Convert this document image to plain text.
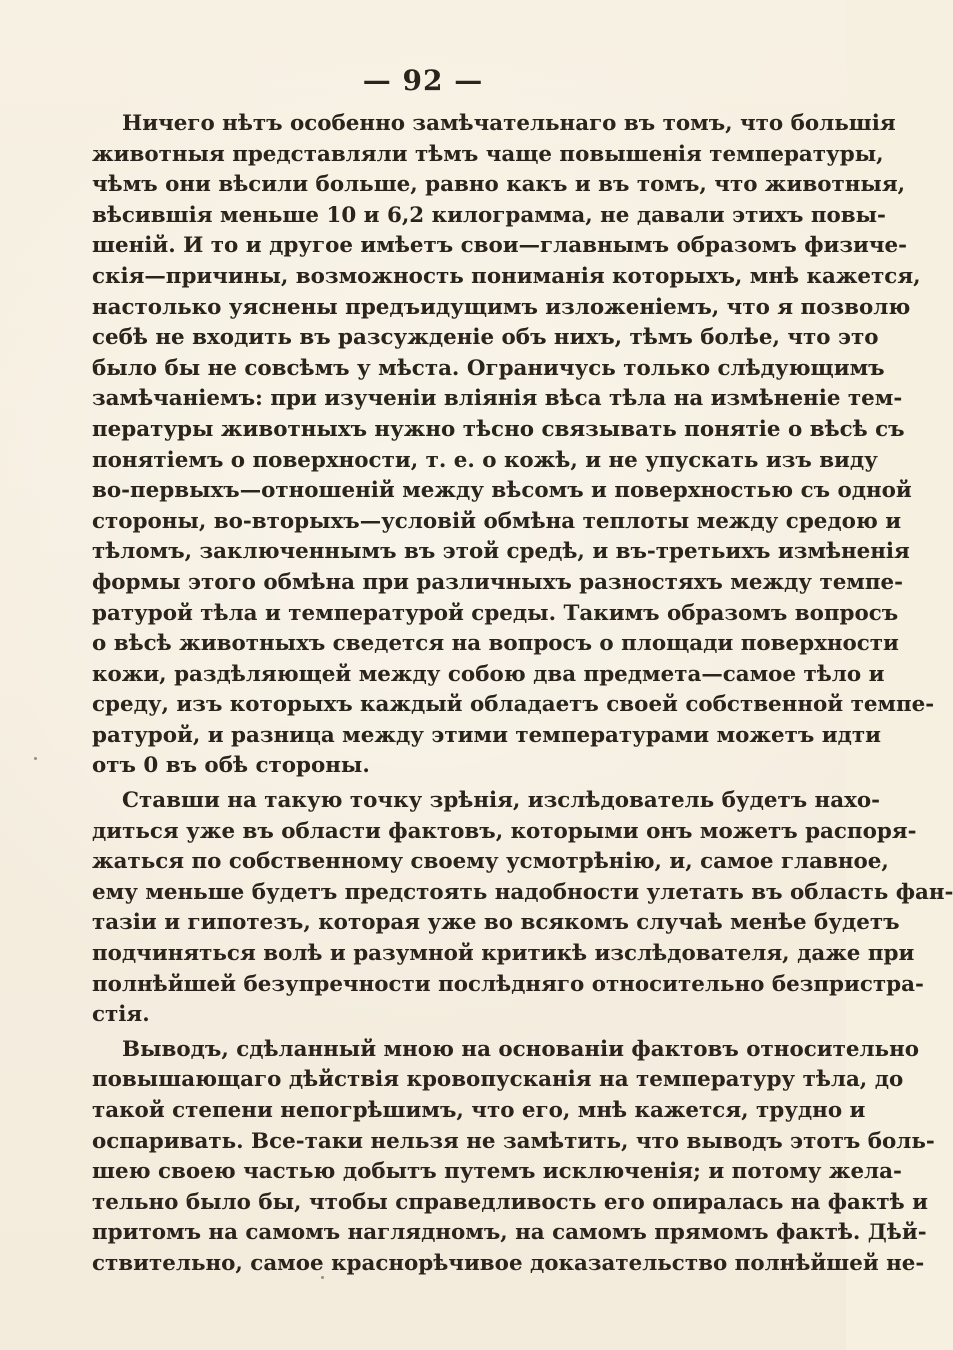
— 92 —
Ничего нѣтъ особенно замѣчательнаго въ томъ, что большія
животныя представляли тѣмъ чаще повышенія температуры,
чѣмъ они вѣсили больше, равно какъ и въ томъ, что животныя,
вѣсившія меньше 10 и 6,2 килограмма, не давали этихъ повы-
шеній. И то и другое имѣетъ свои—главнымъ образомъ физиче-
скія—причины, возможность пониманія которыхъ, мнѣ кажется,
настолько уяснены предъидущимъ изложеніемъ, что я позволю
себѣ не входить въ разсужденіе объ нихъ, тѣмъ болѣе, что это
было бы не совсѣмъ у мѣста. Ограничусь только слѣдующимъ
замѣчаніемъ: при изученіи вліянія вѣса тѣла на измѣненіе тем-
пературы животныхъ нужно тѣсно связывать понятіе о вѣсѣ съ
понятіемъ о поверхности, т. е. о кожѣ, и не упускать изъ виду
во-первыхъ—отношеній между вѣсомъ и поверхностью съ одной
стороны, во-вторыхъ—условій обмѣна теплоты между средою и
тѣломъ, заключеннымъ въ этой средѣ, и въ-третьихъ измѣненія
формы этого обмѣна при различныхъ разностяхъ между темпе-
ратурой тѣла и температурой среды. Такимъ образомъ вопросъ
о вѣсѣ животныхъ сведется на вопросъ о площади поверхности
кожи, раздѣляющей между собою два предмета—самое тѣло и
среду, изъ которыхъ каждый обладаетъ своей собственной темпе-
ратурой, и разница между этими температурами можетъ идти
отъ 0 въ обѣ стороны.
Ставши на такую точку зрѣнія, изслѣдователь будетъ нахо-
диться уже въ области фактовъ, которыми онъ можетъ распоря-
жаться по собственному своему усмотрѣнію, и, самое главное,
ему меньше будетъ предстоять надобности улетать въ область фан-
тазіи и гипотезъ, которая уже во всякомъ случаѣ менѣе будетъ
подчиняться волѣ и разумной критикѣ изслѣдователя, даже при
полнѣйшей безупречности послѣдняго относительно безпристра-
стія.
Выводъ, сдѣланный мною на основаніи фактовъ относительно
повышающаго дѣйствія кровопусканія на температуру тѣла, до
такой степени непогрѣшимъ, что его, мнѣ кажется, трудно и
оспаривать. Все-таки нельзя не замѣтить, что выводъ этотъ боль-
шею своею частью добытъ путемъ исключенія; и потому жела-
тельно было бы, чтобы справедливость его опиралась на фактѣ и
притомъ на самомъ наглядномъ, на самомъ прямомъ фактѣ. Дѣй-
ствительно, самое краснорѣчивое доказательство полнѣйшей не-
